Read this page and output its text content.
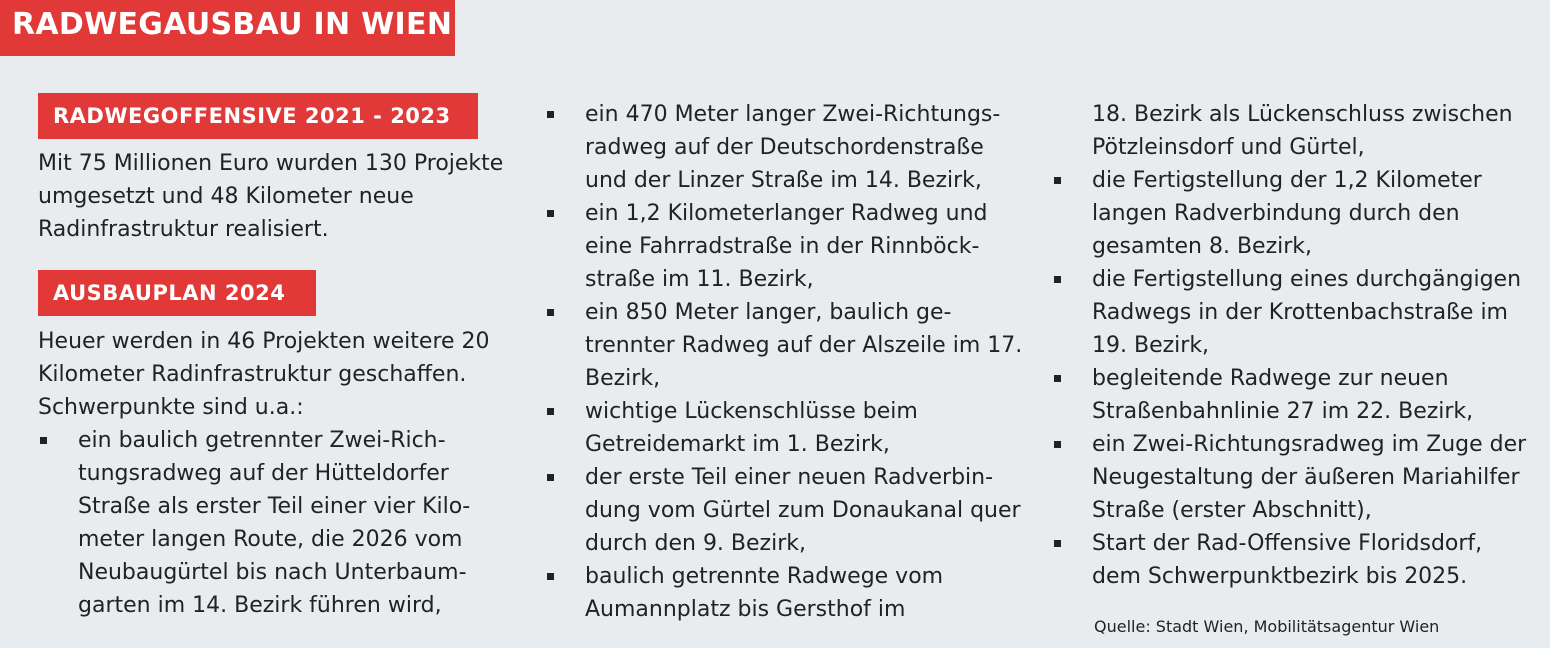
RADWEGAUSBAU IN WIEN
RADWEGOFFENSIVE 2021 - 2023

Mit 75 Millionen Euro wurden 130 Projekte umgesetzt und 48 Kilometer neue Radinfrastruktur realisiert.

AUSBAUPLAN 2024

Heuer werden in 46 Projekten weitere 20 Kilometer Radinfrastruktur geschaffen. Schwerpunkte sind u.a.:

ein baulich getrennter Zwei-Richtungsradweg auf der Hütteldorfer Straße als erster Teil einer vier Kilometer langen Route, die 2026 vom Neubaugürtel bis nach Unterbaumgarten im 14. Bezirk führen wird,
ein 470 Meter langer Zwei-Richtungsradweg auf der Deutschordenstraße und der Linzer Straße im 14. Bezirk,
ein 1,2 Kilometerlanger Radweg und eine Fahrradstraße in der Rinnböckstraße im 11. Bezirk,
ein 850 Meter langer, baulich getrennter Radweg auf der Alszeile im 17. Bezirk,
wichtige Lückenschlüsse beim Getreidemarkt im 1. Bezirk,
der erste Teil einer neuen Radverbindung vom Gürtel zum Donaukanal quer durch den 9. Bezirk,
baulich getrennte Radwege vom Aumannplatz bis Gersthof im
18. Bezirk als Lückenschluss zwischen Pötzleinsdorf und Gürtel,
die Fertigstellung der 1,2 Kilometer langen Radverbindung durch den gesamten 8. Bezirk,
die Fertigstellung eines durchgängigen Radwegs in der Krottenbachstraße im 19. Bezirk,
begleitende Radwege zur neuen Straßenbahnlinie 27 im 22. Bezirk,
ein Zwei-Richtungsradweg im Zuge der Neugestaltung der äußeren Mariahilfer Straße (erster Abschnitt),
Start der Rad-Offensive Floridsdorf, dem Schwerpunktbezirk bis 2025.
Quelle: Stadt Wien, Mobilitätsagentur Wien
